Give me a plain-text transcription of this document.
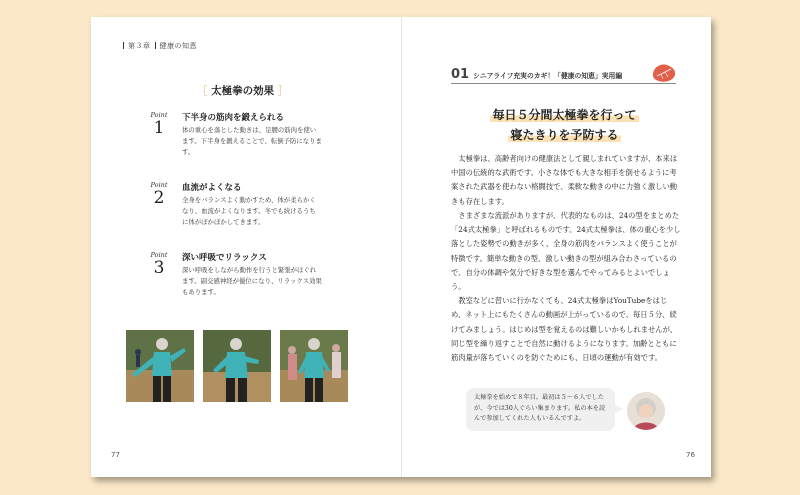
第３章 健康の知恵
［ 太極拳の効果 ］
Point
1	下半身の筋肉を鍛えられる
体の重心を落とした動きは、足腰の筋肉を使います。下半身を鍛えることで、転倒予防になります。
Point
2	血流がよくなる
全身をバランスよく動かすため、体が柔らかくなり、血流がよくなります。冬でも続けるうちに体がぽかぽかしてきます。
Point
3	深い呼吸でリラックス
深い呼吸をしながら動作を行うと緊張がほぐれます。副交感神経が優位になり、リラックス効果もあります。
77
01 シニアライフ充実のカギ！「健康の知恵」実用編
毎日５分間太極拳を行って
寝たきりを予防する

太極拳は、高齢者向けの健康法として親しまれていますが、本来は中国の伝統的な武術です。小さな体でも大きな相手を倒せるように考案された武器を使わない格闘技で、柔軟な動きの中に力強く激しい動きも存在します。

さまざまな流派がありますが、代表的なものは、24の型をまとめた「24式太極拳」と呼ばれるものです。24式太極拳は、体の重心を少し落とした姿勢での動きが多く、全身の筋肉をバランスよく使うことが特徴です。簡単な動きの型、激しい動きの型が組み合わさっているので、自分の体調や気分で好きな型を選んでやってみるとよいでしょう。

教室などに習いに行かなくても、24式太極拳はYouTubeをはじめ、ネット上にもたくさんの動画が上がっているので、毎日５分、続けてみましょう。はじめは型を覚えるのは難しいかもしれませんが、同じ型を繰り返すことで自然に動けるようになります。加齢とともに筋肉量が落ちていくのを防ぐためにも、日頃の運動が有効です。

太極拳を始めて８年目。最初は５～６人でしたが、今では30人ぐらい集まります。私の本を読んで参加してくれた人もいるんですよ。
76
